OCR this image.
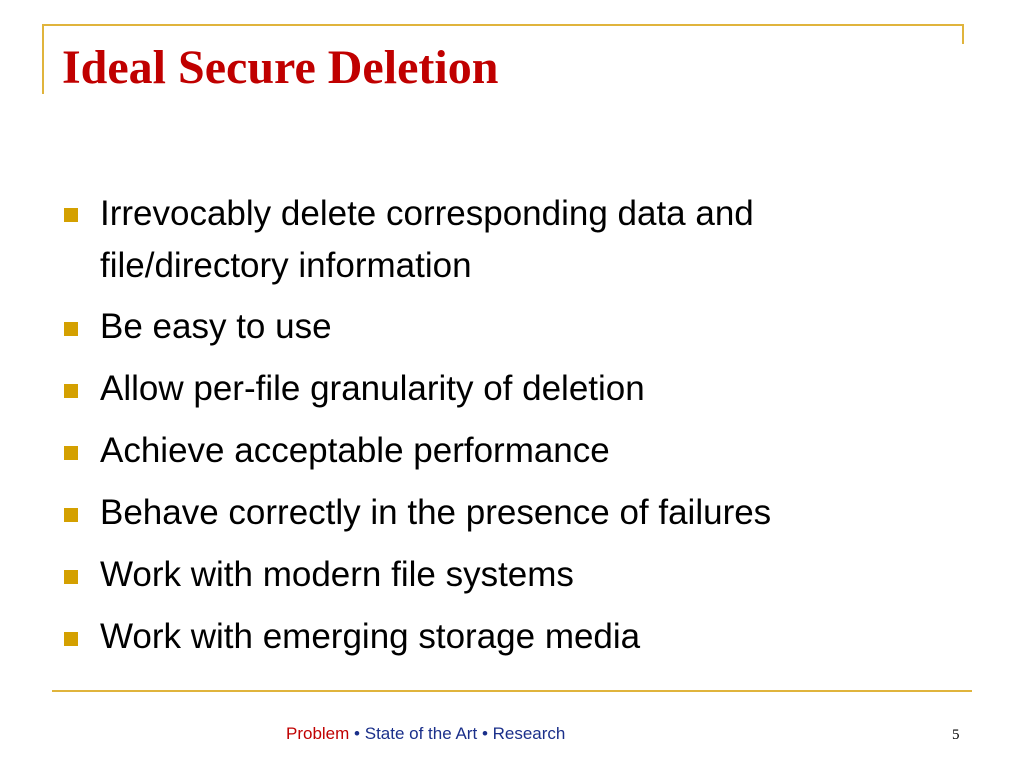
Ideal Secure Deletion
Irrevocably delete corresponding data and file/directory information
Be easy to use
Allow per-file granularity of deletion
Achieve acceptable performance
Behave correctly in the presence of failures
Work with modern file systems
Work with emerging storage media
Problem • State of the Art • Research	5
